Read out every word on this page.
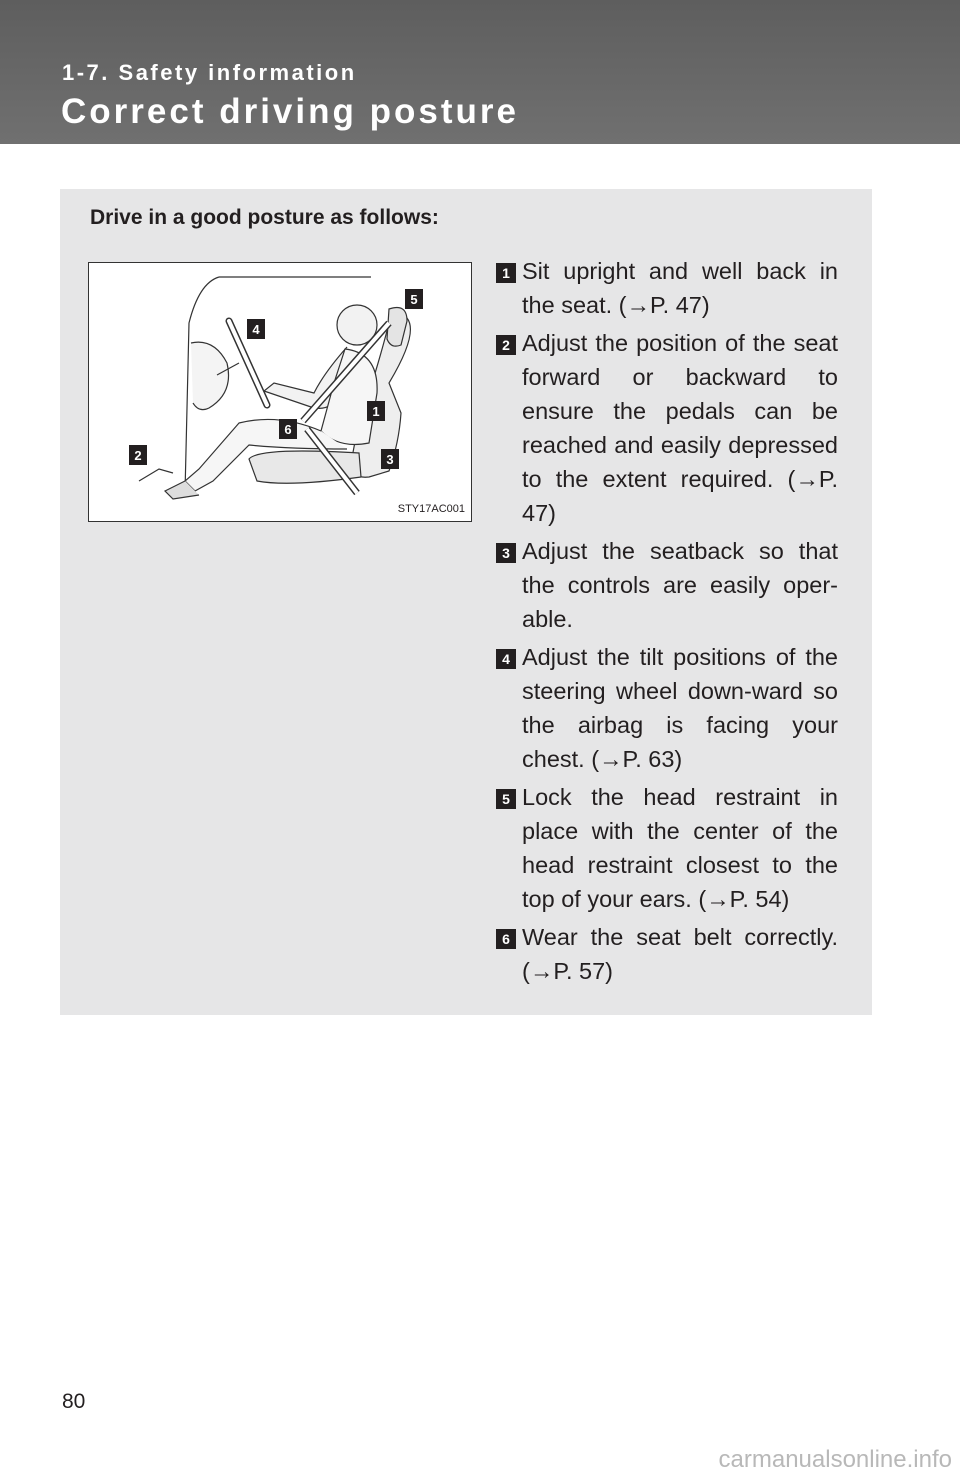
1-7. Safety information
Correct driving posture
Drive in a good posture as follows:
4
5
1
6
3
2
STY17AC001
1 Sit upright and well back in the seat. (→P. 47)
2 Adjust the position of the seat forward or backward to ensure the pedals can be reached and easily depressed to the extent required. (→P. 47)
3 Adjust the seatback so that the controls are easily oper-able.
4 Adjust the tilt positions of the steering wheel down-ward so the airbag is facing your chest. (→P. 63)
5 Lock the head restraint in place with the center of the head restraint closest to the top of your ears. (→P. 54)
6 Wear the seat belt correctly. (→P. 57)
80
carmanualsonline.info
